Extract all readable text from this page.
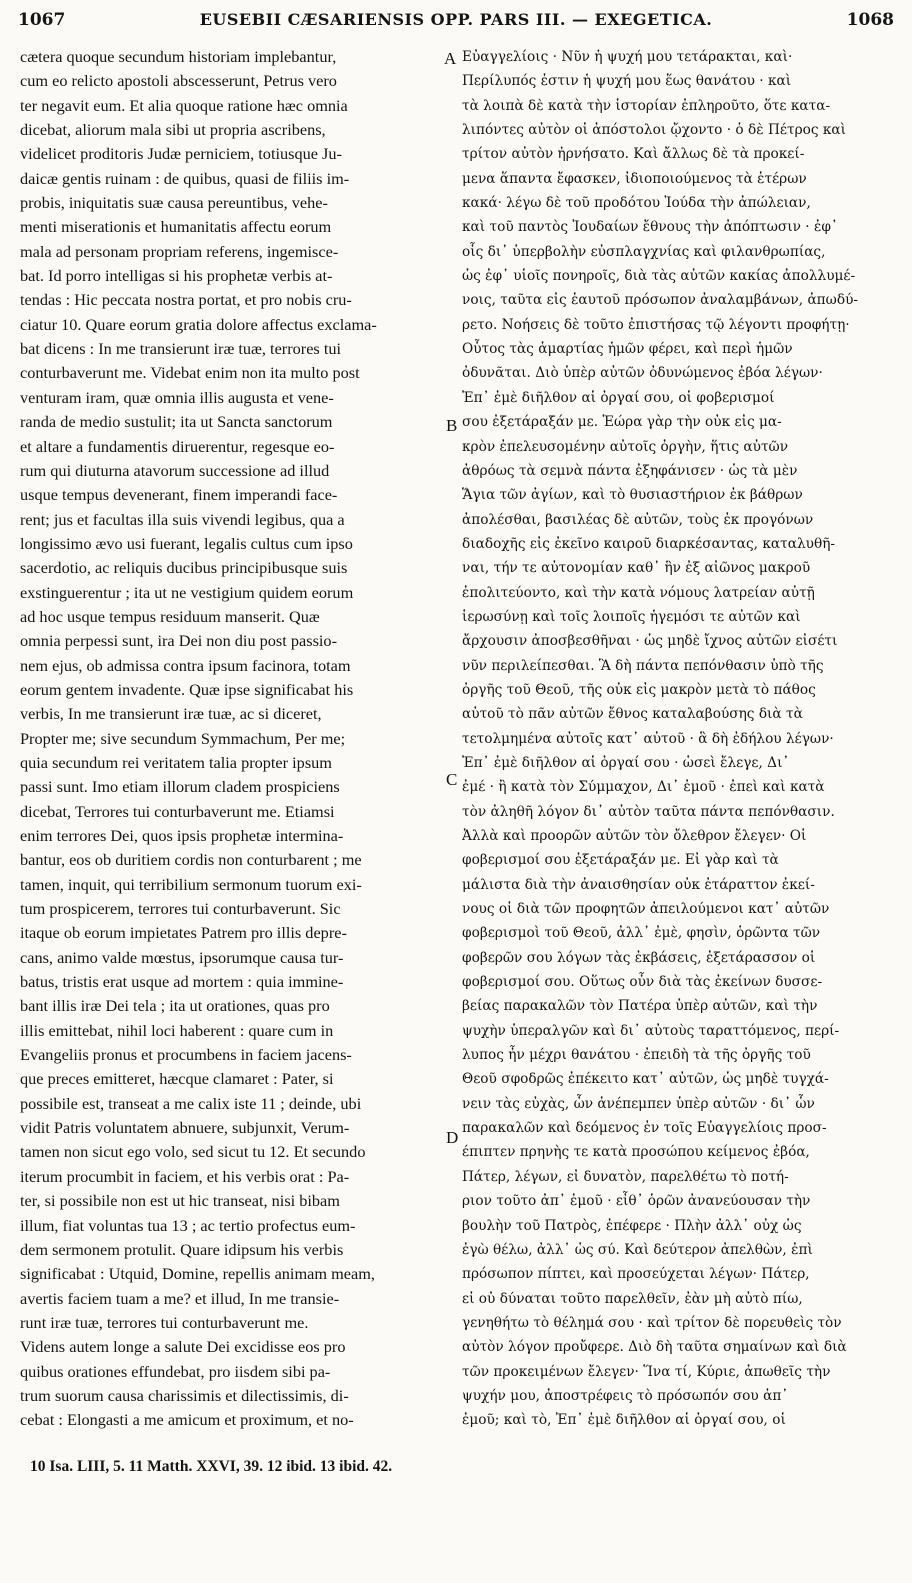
1067	EUSEBII CÆSARIENSIS OPP. PARS III. — EXEGETICA.	1068
cætera quoque secundum historiam implebantur,
cum eo relicto apostoli abscesserunt, Petrus vero
ter negavit eum. Et alia quoque ratione hæc omnia
dicebat, aliorum mala sibi ut propria ascribens,
videlicet proditoris Judæ perniciem, totiusque Ju-
daicæ gentis ruinam : de quibus, quasi de filiis im-
probis, iniquitatis suæ causa pereuntibus, vehe-
menti miserationis et humanitatis affectu eorum
mala ad personam propriam referens, ingemisce-
bat. Id porro intelligas si his prophetæ verbis at-
tendas : Hic peccata nostra portat, et pro nobis cru-
ciatur 10. Quare eorum gratia dolore affectus exclama-
bat dicens : In me transierunt iræ tuæ, terrores tui
conturbaverunt me. Videbat enim non ita multo post
venturam iram, quæ omnia illis augusta et vene-
randa de medio sustulit; ita ut Sancta sanctorum
et altare a fundamentis diruerentur, regesque eo-
rum qui diuturna atavorum successione ad illud
usque tempus devenerant, finem imperandi face-
rent; jus et facultas illa suis vivendi legibus, qua a
longissimo ævo usi fuerant, legalis cultus cum ipso
sacerdotio, ac reliquis ducibus principibusque suis
exstinguerentur ; ita ut ne vestigium quidem eorum
ad hoc usque tempus residuum manserit. Quæ
omnia perpessi sunt, ira Dei non diu post passio-
nem ejus, ob admissa contra ipsum facinora, totam
eorum gentem invadente. Quæ ipse significabat his
verbis, In me transierunt iræ tuæ, ac si diceret,
Propter me; sive secundum Symmachum, Per me;
quia secundum rei veritatem talia propter ipsum
passi sunt. Imo etiam illorum cladem prospiciens
dicebat, Terrores tui conturbaverunt me. Etiamsi
enim terrores Dei, quos ipsis prophetæ intermina-
bantur, eos ob duritiem cordis non conturbarent ; me
tamen, inquit, qui terribilium sermonum tuorum exi-
tum prospicerem, terrores tui conturbaverunt. Sic
itaque ob eorum impietates Patrem pro illis depre-
cans, animo valde mœstus, ipsorumque causa tur-
batus, tristis erat usque ad mortem : quia immine-
bant illis iræ Dei tela ; ita ut orationes, quas pro
illis emittebat, nihil loci haberent : quare cum in
Evangeliis pronus et procumbens in faciem jacens-
que preces emitteret, hæcque clamaret : Pater, si
possibile est, transeat a me calix iste 11 ; deinde, ubi
vidit Patris voluntatem abnuere, subjunxit, Verum-
tamen non sicut ego volo, sed sicut tu 12. Et secundo
iterum procumbit in faciem, et his verbis orat : Pa-
ter, si possibile non est ut hic transeat, nisi bibam
illum, fiat voluntas tua 13 ; ac tertio profectus eum-
dem sermonem protulit. Quare idipsum his verbis
significabat : Utquid, Domine, repellis animam meam,
avertis faciem tuam a me? et illud, In me transie-
runt iræ tuæ, terrores tui conturbaverunt me.
Videns autem longe a salute Dei excidisse eos pro
quibus orationes effundebat, pro iisdem sibi pa-
trum suorum causa charissimis et dilectissimis, di-
cebat : Elongasti a me amicum et proximum, et no-
Εὐαγγελίοις · Νῦν ἡ ψυχή μου τετάρακται, καὶ·
Περίλυπός ἐστιν ἡ ψυχή μου ἕως θανάτου · καὶ
τὰ λοιπὰ δὲ κατὰ τὴν ἱστορίαν ἐπληροῦτο, ὅτε κατα-
λιπόντες αὐτὸν οἱ ἀπόστολοι ᾤχοντο · ὁ δὲ Πέτρος καὶ
τρίτον αὐτὸν ἠρνήσατο. Καὶ ἄλλως δὲ τὰ προκεί-
μενα ἅπαντα ἔφασκεν, ἰδιοποιούμενος τὰ ἑτέρων
κακά· λέγω δὲ τοῦ προδότου Ἰούδα τὴν ἀπώλειαν,
καὶ τοῦ παντὸς Ἰουδαίων ἔθνους τὴν ἀπόπτωσιν · ἐφ᾽
οἷς δι᾽ ὑπερβολὴν εὐσπλαγχνίας καὶ φιλανθρωπίας,
ὡς ἐφ᾽ υἱοῖς πονηροῖς, διὰ τὰς αὐτῶν κακίας ἀπολλυμέ-
νοις, ταῦτα εἰς ἑαυτοῦ πρόσωπον ἀναλαμβάνων, ἀπωδύ-
ρετο. Νοήσεις δὲ τοῦτο ἐπιστήσας τῷ λέγοντι προφήτῃ·
Οὗτος τὰς ἁμαρτίας ἡμῶν φέρει, καὶ περὶ ἡμῶν
ὀδυνᾶται. Διὸ ὑπὲρ αὐτῶν ὀδυνώμενος ἐβόα λέγων·
Ἐπ᾽ ἐμὲ διῆλθον αἱ ὀργαί σου, οἱ φοβερισμοί
σου ἐξετάραξάν με. Ἑώρα γὰρ τὴν οὐκ εἰς μα-
κρὸν ἐπελευσομένην αὐτοῖς ὀργὴν, ἥτις αὐτῶν
ἀθρόως τὰ σεμνὰ πάντα ἐξηφάνισεν · ὡς τὰ μὲν
Ἅγια τῶν ἁγίων, καὶ τὸ θυσιαστήριον ἐκ βάθρων
ἀπολέσθαι, βασιλέας δὲ αὐτῶν, τοὺς ἐκ προγόνων
διαδοχῆς εἰς ἐκεῖνο καιροῦ διαρκέσαντας, καταλυθῆ-
ναι, τήν τε αὐτονομίαν καθ᾽ ἣν ἐξ αἰῶνος μακροῦ
ἐπολιτεύοντο, καὶ τὴν κατὰ νόμους λατρείαν αὐτῇ
ἱερωσύνῃ καὶ τοῖς λοιποῖς ἡγεμόσι τε αὐτῶν καὶ
ἄρχουσιν ἀποσβεσθῆναι · ὡς μηδὲ ἴχνος αὐτῶν εἰσέτι
νῦν περιλείπεσθαι. Ἃ δὴ πάντα πεπόνθασιν ὑπὸ τῆς
ὀργῆς τοῦ Θεοῦ, τῆς οὐκ εἰς μακρὸν μετὰ τὸ πάθος
αὐτοῦ τὸ πᾶν αὐτῶν ἔθνος καταλαβούσης διὰ τὰ
τετολμημένα αὐτοῖς κατ᾽ αὐτοῦ · ἃ δὴ ἐδήλου λέγων·
Ἐπ᾽ ἐμὲ διῆλθον αἱ ὀργαί σου · ὡσεὶ ἔλεγε, Δι᾽
ἐμέ · ἢ κατὰ τὸν Σύμμαχον, Δι᾽ ἐμοῦ · ἐπεὶ καὶ κατὰ
τὸν ἀληθῆ λόγον δι᾽ αὐτὸν ταῦτα πάντα πεπόνθασιν.
Ἀλλὰ καὶ προορῶν αὐτῶν τὸν ὄλεθρον ἔλεγεν· Οἱ
φοβερισμοί σου ἐξετάραξάν με. Εἰ γὰρ καὶ τὰ
μάλιστα διὰ τὴν ἀναισθησίαν οὐκ ἐτάραττον ἐκεί-
νους οἱ διὰ τῶν προφητῶν ἀπειλούμενοι κατ᾽ αὐτῶν
φοβερισμοὶ τοῦ Θεοῦ, ἀλλ᾽ ἐμὲ, φησὶν, ὁρῶντα τῶν
φοβερῶν σου λόγων τὰς ἐκβάσεις, ἐξετάρασσον οἱ
φοβερισμοί σου. Οὕτως οὖν διὰ τὰς ἐκείνων δυσσε-
βείας παρακαλῶν τὸν Πατέρα ὑπὲρ αὐτῶν, καὶ τὴν
ψυχὴν ὑπεραλγῶν καὶ δι᾽ αὐτοὺς ταραττόμενος, περί-
λυπος ἦν μέχρι θανάτου · ἐπειδὴ τὰ τῆς ὀργῆς τοῦ
Θεοῦ σφοδρῶς ἐπέκειτο κατ᾽ αὐτῶν, ὡς μηδὲ τυγχά-
νειν τὰς εὐχὰς, ὧν ἀνέπεμπεν ὑπὲρ αὐτῶν · δι᾽ ὧν
παρακαλῶν καὶ δεόμενος ἐν τοῖς Εὐαγγελίοις προσ-
έπιπτεν πρηνὴς τε κατὰ προσώπου κείμενος ἐβόα,
Πάτερ, λέγων, εἰ δυνατὸν, παρελθέτω τὸ ποτή-
ριον τοῦτο ἀπ᾽ ἐμοῦ · εἶθ᾽ ὁρῶν ἀνανεύουσαν τὴν
βουλὴν τοῦ Πατρὸς, ἐπέφερε · Πλὴν ἀλλ᾽ οὐχ ὡς
ἐγὼ θέλω, ἀλλ᾽ ὡς σύ. Καὶ δεύτερον ἀπελθὼν, ἐπὶ
πρόσωπον πίπτει, καὶ προσεύχεται λέγων· Πάτερ,
εἰ οὐ δύναται τοῦτο παρελθεῖν, ἐὰν μὴ αὐτὸ πίω,
γενηθήτω τὸ θέλημά σου · καὶ τρίτον δὲ πορευθεὶς τὸν
αὐτὸν λόγον προὔφερε. Διὸ δὴ ταῦτα σημαίνων καὶ διὰ
τῶν προκειμένων ἔλεγεν· Ἵνα τί, Κύριε, ἀπωθεῖς τὴν
ψυχήν μου, ἀποστρέφεις τὸ πρόσωπόν σου ἀπ᾽
ἐμοῦ; καὶ τὸ, Ἐπ᾽ ἐμὲ διῆλθον αἱ ὀργαί σου, οἱ
A
B
C
D
10 Isa. LIII, 5. 11 Matth. XXVI, 39. 12 ibid. 13 ibid. 42.
